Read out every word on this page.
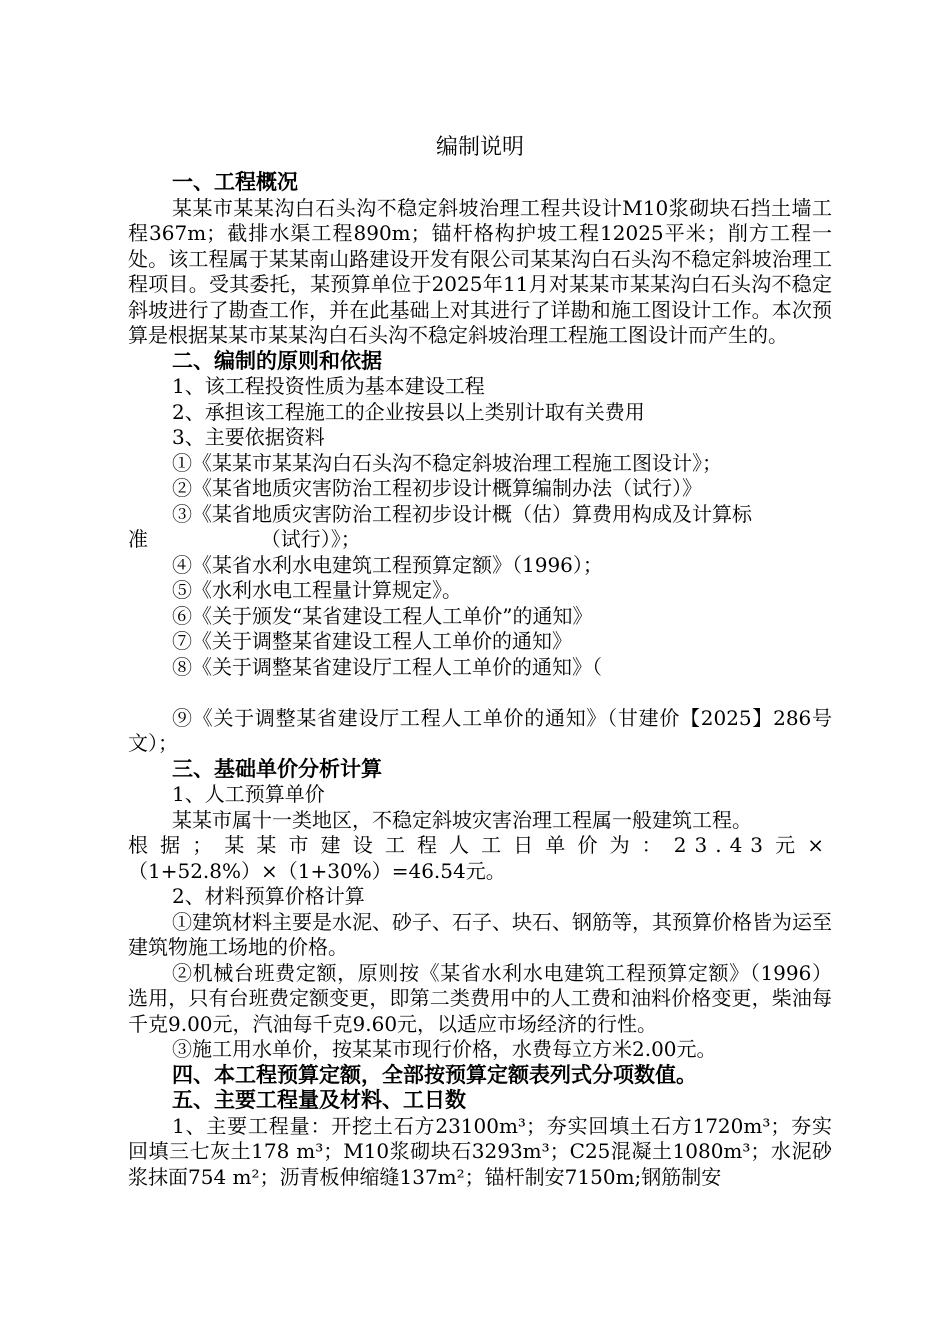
编制说明

一、工程概况

某某市某某沟白石头沟不稳定斜坡治理工程共设计M10浆砌块石挡土墙工程367m；截排水渠工程890m；锚杆格构护坡工程12025平米；削方工程一处。该工程属于某某南山路建设开发有限公司某某沟白石头沟不稳定斜坡治理工程项目。受其委托，某预算单位于2025年11月对某某市某某沟白石头沟不稳定斜坡进行了勘查工作，并在此基础上对其进行了详勘和施工图设计工作。本次预算是根据某某市某某沟白石头沟不稳定斜坡治理工程施工图设计而产生的。

二、编制的原则和依据

1、该工程投资性质为基本建设工程

2、承担该工程施工的企业按县以上类别计取有关费用

3、主要依据资料

①《某某市某某沟白石头沟不稳定斜坡治理工程施工图设计》；

②《某省地质灾害防治工程初步设计概算编制办法（试行）》

③《某省地质灾害防治工程初步设计概（估）算费用构成及计算标

准	（试行）》；

④《某省水利水电建筑工程预算定额》（1996）；

⑤《水利水电工程量计算规定》。

⑥《关于颁发“某省建设工程人工单价”的通知》

⑦《关于调整某省建设工程人工单价的通知》

⑧《关于调整某省建设厅工程人工单价的通知》（

⑨《关于调整某省建设厅工程人工单价的通知》（甘建价【2025】286号文）；

三、基础单价分析计算

1、人工预算单价

某某市属十一类地区，不稳定斜坡灾害治理工程属一般建筑工程。

根据；某某市建设工程人工日单价为：23.43元×

（1+52.8%）×（1+30%）=46.54元。

2、材料预算价格计算

①建筑材料主要是水泥、砂子、石子、块石、钢筋等，其预算价格皆为运至建筑物施工场地的价格。

②机械台班费定额，原则按《某省水利水电建筑工程预算定额》（1996）选用，只有台班费定额变更，即第二类费用中的人工费和油料价格变更，柴油每千克9.00元，汽油每千克9.60元，以适应市场经济的行性。

③施工用水单价，按某某市现行价格，水费每立方米2.00元。

四、本工程预算定额，全部按预算定额表列式分项数值。

五、主要工程量及材料、工日数

1、主要工程量：开挖土石方23100m³；夯实回填土石方1720m³；夯实回填三七灰土178 m³；M10浆砌块石3293m³；C25混凝土1080m³；水泥砂浆抹面754 m²；沥青板伸缩缝137m²；锚杆制安7150m;钢筋制安
